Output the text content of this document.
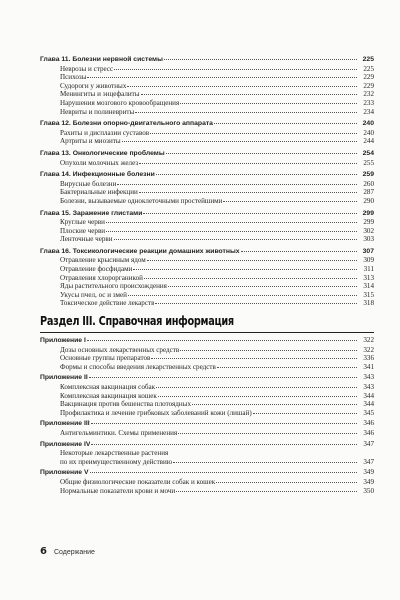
Глава 11. Болезни нервной системы	225
Неврозы и стресс	225
Психозы	229
Судороги у животных	229
Менингиты и энцефалиты	232
Нарушения мозгового кровообращения	233
Невриты и полиневриты	234
Глава 12. Болезни опорно-двигательного аппарата	240
Рахиты и дисплазии суставов	240
Артриты и миозиты	244
Глава 13. Онкологические проблемы	254
Опухоли молочных желез	255
Глава 14. Инфекционные болезни	259
Вирусные болезни	260
Бактериальные инфекции	287
Болезни, вызываемые одноклеточными простейшими	290
Глава 15. Заражение глистами	299
Круглые черви	299
Плоские черви	302
Ленточные черви	303
Глава 16. Токсикологические реакции домашних животных	307
Отравление крысиным ядом	309
Отравление фосфидами	311
Отравления хлорорганикой	313
Яды растительного происхождения	314
Укусы пчел, ос и змей	315
Токсическое действие лекарств	318
Раздел III. Справочная информация
Приложение I	322
Дозы основных лекарственных средств	322
Основные группы препаратов	336
Формы и способы введения лекарственных средств	341
Приложение II	343
Комплексная вакцинация собак	343
Комплексная вакцинация кошек	344
Вакцинация против бешенства плотоядных	344
Профилактика и лечение грибковых заболеваний кожи (лишай)	345
Приложение III	346
Антигельминтики. Схемы применения	346
Приложение IV	347
Некоторые лекарственные растения
по их преимущественному действию	347
Приложение V	349
Общие физиологические показатели собак и кошек	349
Нормальные показатели крови и мочи	350
6 Содержание
